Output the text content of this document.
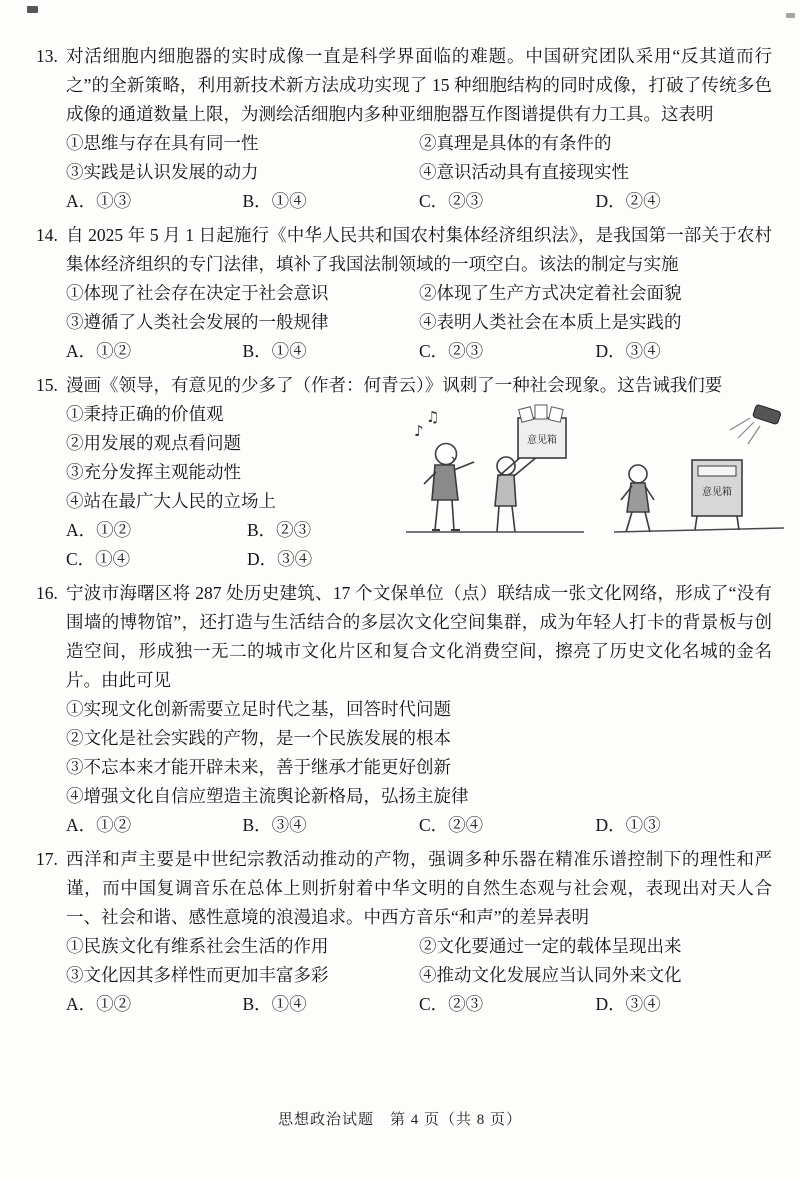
13. 对活细胞内细胞器的实时成像一直是科学界面临的难题。中国研究团队采用“反其道而行之”的全新策略，利用新技术新方法成功实现了 15 种细胞结构的同时成像，打破了传统多色成像的通道数量上限，为测绘活细胞内多种亚细胞器互作图谱提供有力工具。这表明
①思维与存在具有同一性	②真理是具体的有条件的
③实践是认识发展的动力	④意识活动具有直接现实性
A．①③	B．①④	C．②③	D．②④
14. 自 2025 年 5 月 1 日起施行《中华人民共和国农村集体经济组织法》，是我国第一部关于农村集体经济组织的专门法律，填补了我国法制领域的一项空白。该法的制定与实施
①体现了社会存在决定于社会意识	②体现了生产方式决定着社会面貌
③遵循了人类社会发展的一般规律	④表明人类社会在本质上是实践的
A．①②	B．①④	C．②③	D．③④
15. 漫画《领导，有意见的少多了（作者：何青云）》讽刺了一种社会现象。这告诫我们要
①秉持正确的价值观
②用发展的观点看问题
③充分发挥主观能动性
④站在最广大人民的立场上
A．①②	B．②③
C．①④	D．③④
♪
♫
意见箱
意见箱
16. 宁波市海曙区将 287 处历史建筑、17 个文保单位（点）联结成一张文化网络，形成了“没有围墙的博物馆”，还打造与生活结合的多层次文化空间集群，成为年轻人打卡的背景板与创造空间，形成独一无二的城市文化片区和复合文化消费空间，擦亮了历史文化名城的金名片。由此可见
①实现文化创新需要立足时代之基，回答时代问题
②文化是社会实践的产物，是一个民族发展的根本
③不忘本来才能开辟未来，善于继承才能更好创新
④增强文化自信应塑造主流舆论新格局，弘扬主旋律
A．①②	B．③④	C．②④	D．①③
17. 西洋和声主要是中世纪宗教活动推动的产物，强调多种乐器在精准乐谱控制下的理性和严谨，而中国复调音乐在总体上则折射着中华文明的自然生态观与社会观，表现出对天人合一、社会和谐、感性意境的浪漫追求。中西方音乐“和声”的差异表明
①民族文化有维系社会生活的作用	②文化要通过一定的载体呈现出来
③文化因其多样性而更加丰富多彩	④推动文化发展应当认同外来文化
A．①②	B．①④	C．②③	D．③④
思想政治试题　第 4 页（共 8 页）
